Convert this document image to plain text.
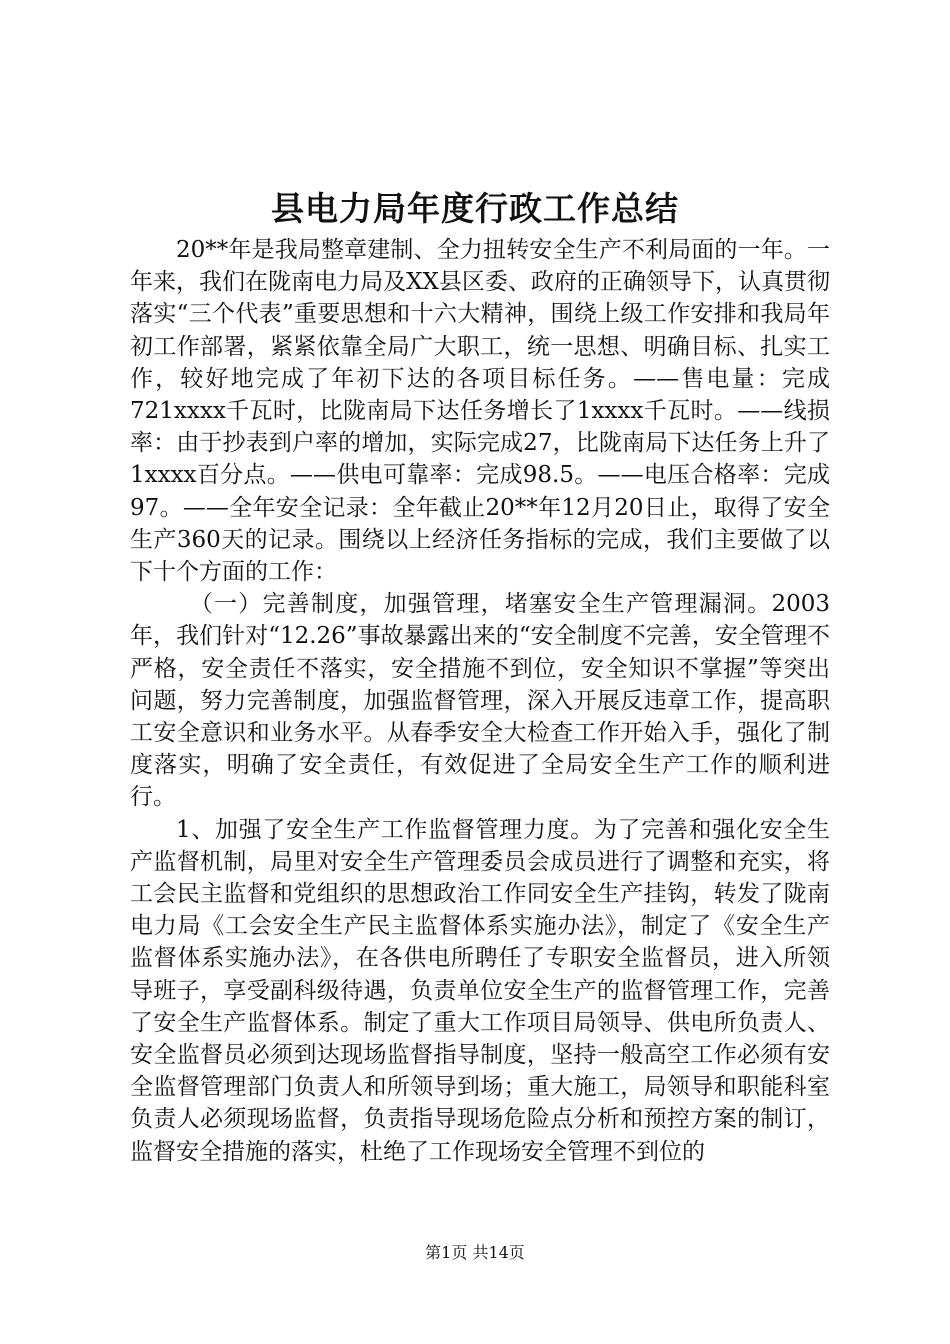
县电力局年度行政工作总结

20**年是我局整章建制、全力扭转安全生产不利局面的一年。一年来，我们在陇南电力局及XX县区委、政府的正确领导下，认真贯彻落实“三个代表”重要思想和十六大精神，围绕上级工作安排和我局年初工作部署，紧紧依靠全局广大职工，统一思想、明确目标、扎实工作，较好地完成了年初下达的各项目标任务。——售电量：完成721xxxx千瓦时，比陇南局下达任务增长了1xxxx千瓦时。——线损率：由于抄表到户率的增加，实际完成27，比陇南局下达任务上升了1xxxx百分点。——供电可靠率：完成98.5。——电压合格率：完成97。——全年安全记录：全年截止20**年12月20日止，取得了安全生产360天的记录。围绕以上经济任务指标的完成，我们主要做了以下十个方面的工作：

（一）完善制度，加强管理，堵塞安全生产管理漏洞。2003年，我们针对“12.26”事故暴露出来的“安全制度不完善，安全管理不严格，安全责任不落实，安全措施不到位，安全知识不掌握”等突出问题，努力完善制度，加强监督管理，深入开展反违章工作，提高职工安全意识和业务水平。从春季安全大检查工作开始入手，强化了制度落实，明确了安全责任，有效促进了全局安全生产工作的顺利进行。

1、加强了安全生产工作监督管理力度。为了完善和强化安全生产监督机制，局里对安全生产管理委员会成员进行了调整和充实，将工会民主监督和党组织的思想政治工作同安全生产挂钩，转发了陇南电力局《工会安全生产民主监督体系实施办法》，制定了《安全生产监督体系实施办法》，在各供电所聘任了专职安全监督员，进入所领导班子，享受副科级待遇，负责单位安全生产的监督管理工作，完善了安全生产监督体系。制定了重大工作项目局领导、供电所负责人、安全监督员必须到达现场监督指导制度，坚持一般高空工作必须有安全监督管理部门负责人和所领导到场；重大施工，局领导和职能科室负责人必须现场监督，负责指导现场危险点分析和预控方案的制订，监督安全措施的落实，杜绝了工作现场安全管理不到位的

第1页 共14页
